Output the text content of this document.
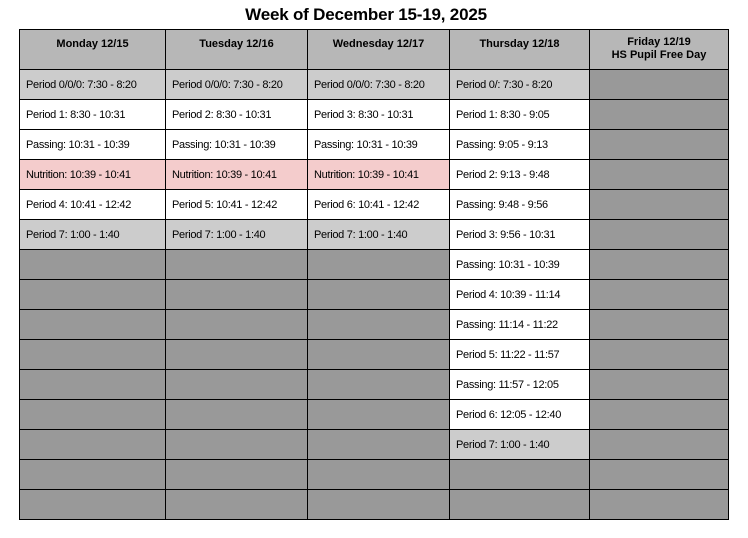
Week of December 15-19, 2025
Monday 12/15	Tuesday 12/16	Wednesday 12/17	Thursday 12/18	Friday 12/19
HS Pupil Free Day

Period 0/0/0: 7:30 - 8:20	Period 0/0/0: 7:30 - 8:20	Period 0/0/0: 7:30 - 8:20	Period 0/: 7:30 - 8:20	
Period 1: 8:30 - 10:31	Period 2: 8:30 - 10:31	Period 3: 8:30 - 10:31	Period 1: 8:30 - 9:05	
Passing: 10:31 - 10:39	Passing: 10:31 - 10:39	Passing: 10:31 - 10:39	Passing: 9:05 - 9:13	
Nutrition: 10:39 - 10:41	Nutrition: 10:39 - 10:41	Nutrition: 10:39 - 10:41	Period 2: 9:13 - 9:48	
Period 4: 10:41 - 12:42	Period 5: 10:41 - 12:42	Period 6: 10:41 - 12:42	Passing: 9:48 - 9:56	
Period 7: 1:00 - 1:40	Period 7: 1:00 - 1:40	Period 7: 1:00 - 1:40	Period 3: 9:56 - 10:31	
			Passing: 10:31 - 10:39	
			Period 4: 10:39 - 11:14	
			Passing: 11:14 - 11:22	
			Period 5: 11:22 - 11:57	
			Passing: 11:57 - 12:05	
			Period 6: 12:05 - 12:40	
			Period 7: 1:00 - 1:40	
